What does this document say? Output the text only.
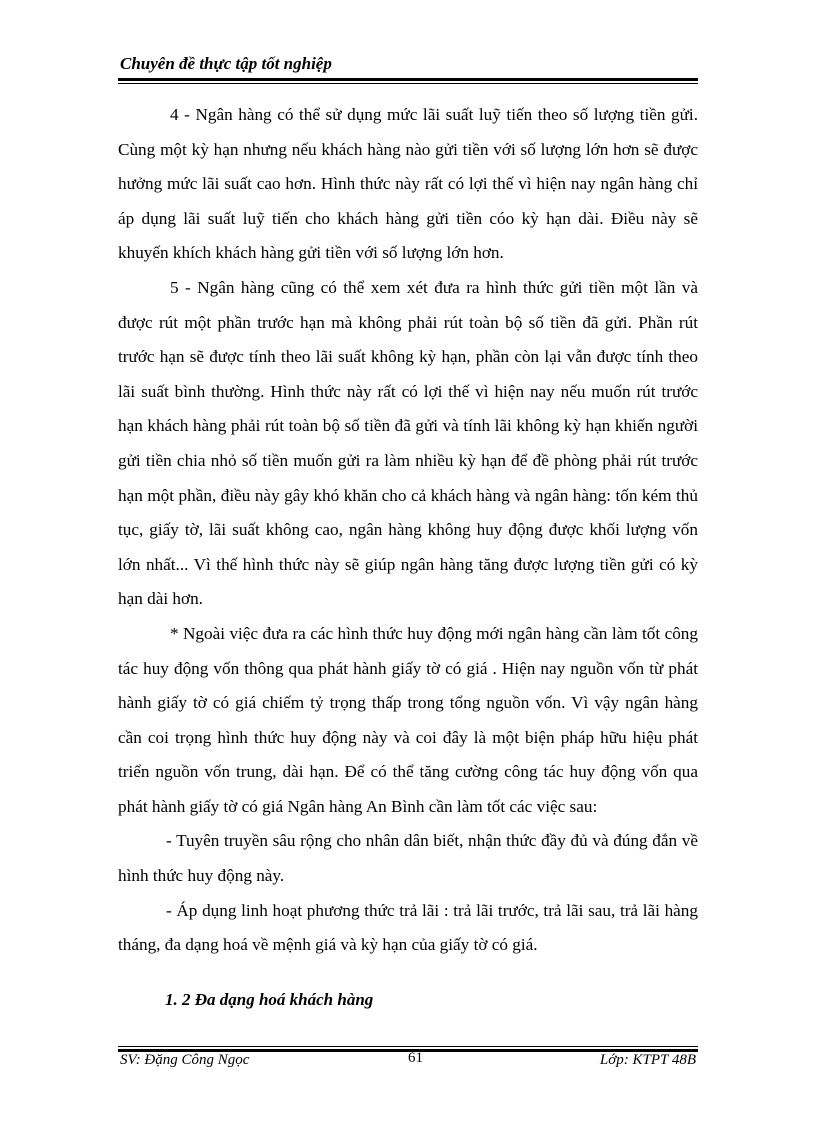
Chuyên đề thực tập tốt nghiệp

4 - Ngân hàng có thể sử dụng mức lãi suất luỹ tiến theo số lượng tiền gửi. Cùng một kỳ hạn nhưng nếu khách hàng nào gửi tiền với số lượng lớn hơn sẽ được hưởng mức lãi suất cao hơn. Hình thức này rất có lợi thế vì hiện nay ngân hàng chỉ áp dụng lãi suất luỹ tiến cho khách hàng gửi tiền cóo kỳ hạn dài. Điều này sẽ khuyến khích khách hàng gửi tiền với số lượng lớn hơn.

5 - Ngân hàng cũng có thể xem xét đưa ra hình thức gửi tiền một lần và được rút một phần trước hạn mà không phải rút toàn bộ số tiền đã gửi. Phần rút trước hạn sẽ được tính theo lãi suất không kỳ hạn, phần còn lại vẫn được tính theo lãi suất bình thường. Hình thức này rất có lợi thế vì hiện nay nếu muốn rút trước hạn khách hàng phải rút toàn bộ số tiền đã gửi và tính lãi không kỳ hạn khiến người gửi tiền chia nhỏ số tiền muốn gửi ra làm nhiều kỳ hạn để đề phòng phải rút trước hạn một phần, điều này gây khó khăn cho cả khách hàng và ngân hàng: tốn kém thủ tục, giấy tờ, lãi suất không cao, ngân hàng không huy động được khối lượng vốn lớn nhất... Vì thế hình thức này sẽ giúp ngân hàng tăng được lượng tiền gửi có kỳ hạn dài hơn.

* Ngoài việc đưa ra các hình thức huy động mới ngân hàng cần làm tốt công tác huy động vốn thông qua phát hành giấy tờ có giá . Hiện nay nguồn vốn từ phát hành giấy tờ có giá chiếm tỷ trọng thấp trong tổng nguồn vốn. Vì vậy ngân hàng cần coi trọng hình thức huy động này và coi đây là một biện pháp hữu hiệu phát triển nguồn vốn trung, dài hạn. Để có thể tăng cường công tác huy động vốn qua phát hành giấy tờ có giá Ngân hàng An Bình cần làm tốt các việc sau:

- Tuyên truyền sâu rộng cho nhân dân biết, nhận thức đầy đủ và đúng đắn về hình thức huy động này.

- Áp dụng linh hoạt phương thức trả lãi : trả lãi trước, trả lãi sau, trả lãi hàng tháng, đa dạng hoá về mệnh giá và kỳ hạn của giấy tờ có giá.

1. 2 Đa dạng hoá khách hàng
SV: Đặng Công Ngọc	61	Lớp: KTPT 48B
